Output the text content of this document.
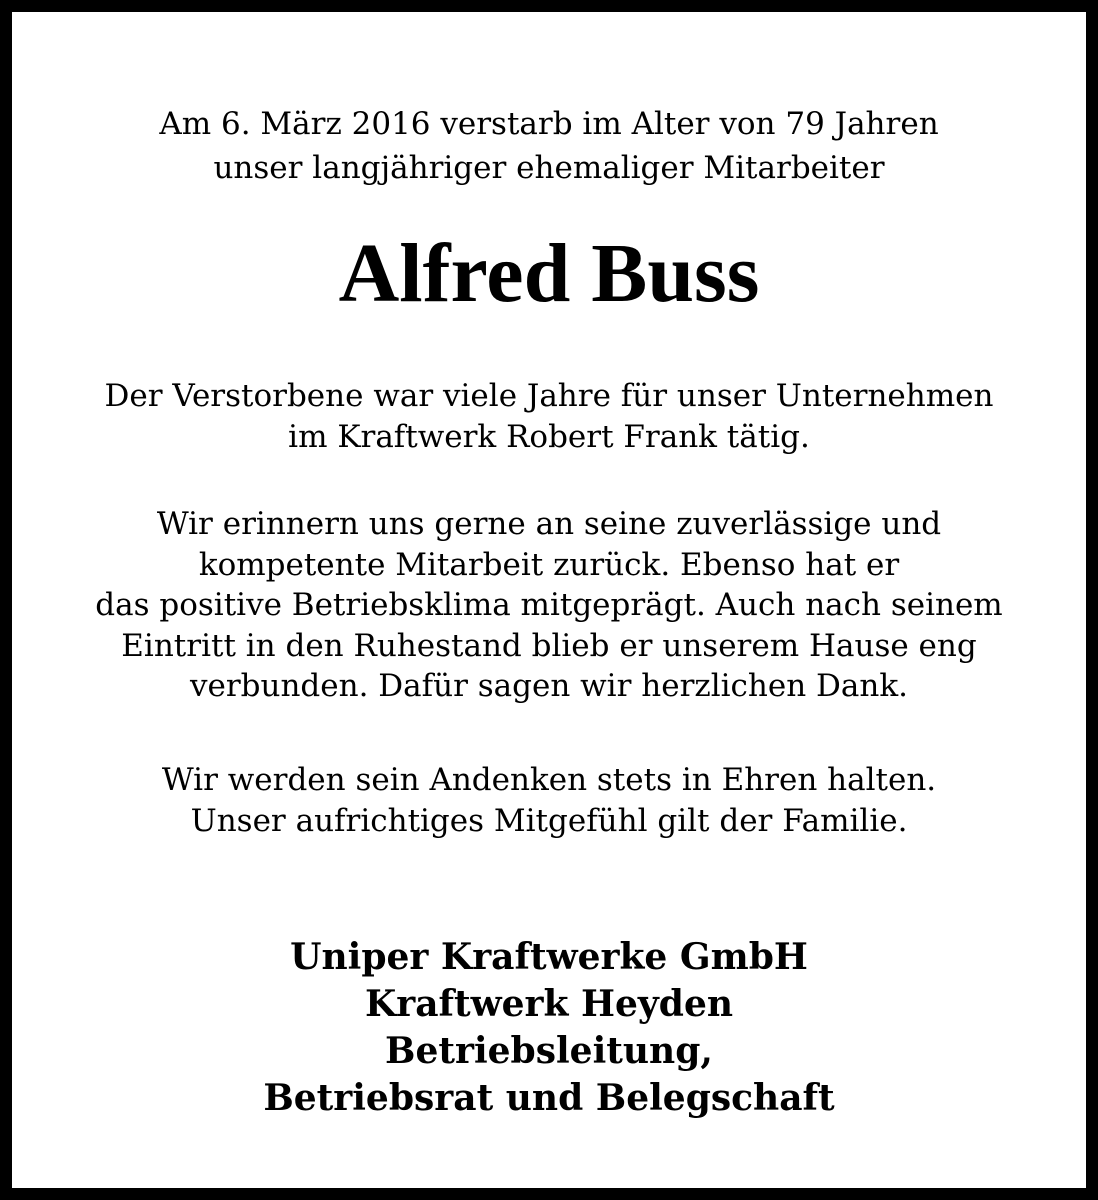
Am 6. März 2016 verstarb im Alter von 79 Jahren
unser langjähriger ehemaliger Mitarbeiter
Alfred Buss
Der Verstorbene war viele Jahre für unser Unternehmen
im Kraftwerk Robert Frank tätig.
Wir erinnern uns gerne an seine zuverlässige und
kompetente Mitarbeit zurück. Ebenso hat er
das positive Betriebsklima mitgeprägt. Auch nach seinem
Eintritt in den Ruhestand blieb er unserem Hause eng
verbunden. Dafür sagen wir herzlichen Dank.
Wir werden sein Andenken stets in Ehren halten.
Unser aufrichtiges Mitgefühl gilt der Familie.
Uniper Kraftwerke GmbH
Kraftwerk Heyden
Betriebsleitung,
Betriebsrat und Belegschaft
